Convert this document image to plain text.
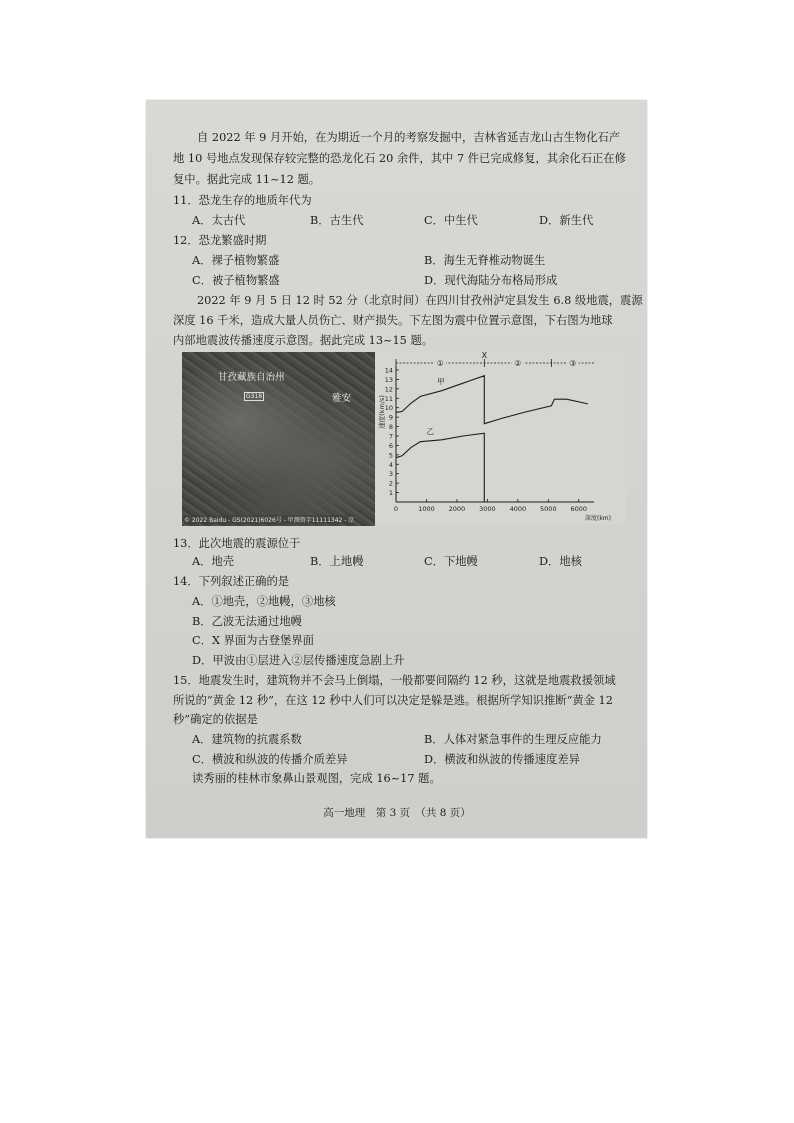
自 2022 年 9 月开始，在为期近一个月的考察发掘中，吉林省延吉龙山古生物化石产
地 10 号地点发现保存较完整的恐龙化石 20 余件，其中 7 件已完成修复，其余化石正在修
复中。据此完成 11~12 题。
11．恐龙生存的地质年代为
A．太古代	B．古生代	C．中生代	D．新生代
12．恐龙繁盛时期
A．裸子植物繁盛	B．海生无脊椎动物诞生
C．被子植物繁盛	D．现代海陆分布格局形成
2022 年 9 月 5 日 12 时 52 分（北京时间）在四川甘孜州泸定县发生 6.8 级地震，震源
深度 16 千米，造成大量人员伤亡、财产损失。下左图为震中位置示意图，下右图为地球
内部地震波传播速度示意图。据此完成 13~15 题。
甘孜藏族自治州
G318	雅安
© 2022 Baidu - GS(2021)6026号 - 甲测资字11111342 - 京
1
2
3
4
5
6
7
8
9
10
11
12
13
14
0	1000 2000 3000 4000 5000 6000
速度(km/s)
深度(km)
①
X
②	③
甲
乙
13．此次地震的震源位于
A．地壳	B．上地幔	C．下地幔	D．地核
14．下列叙述正确的是
A．①地壳，②地幔，③地核
B．乙波无法通过地幔
C．X 界面为古登堡界面
D．甲波由①层进入②层传播速度急剧上升
15．地震发生时，建筑物并不会马上倒塌，一般都要间隔约 12 秒，这就是地震救援领域
所说的“黄金 12 秒”，在这 12 秒中人们可以决定是躲是逃。根据所学知识推断“黄金 12
秒”确定的依据是
A．建筑物的抗震系数	B．人体对紧急事件的生理反应能力
C．横波和纵波的传播介质差异	D．横波和纵波的传播速度差异
读秀丽的桂林市象鼻山景观图，完成 16~17 题。
高一地理　第 3 页　（共 8 页）
